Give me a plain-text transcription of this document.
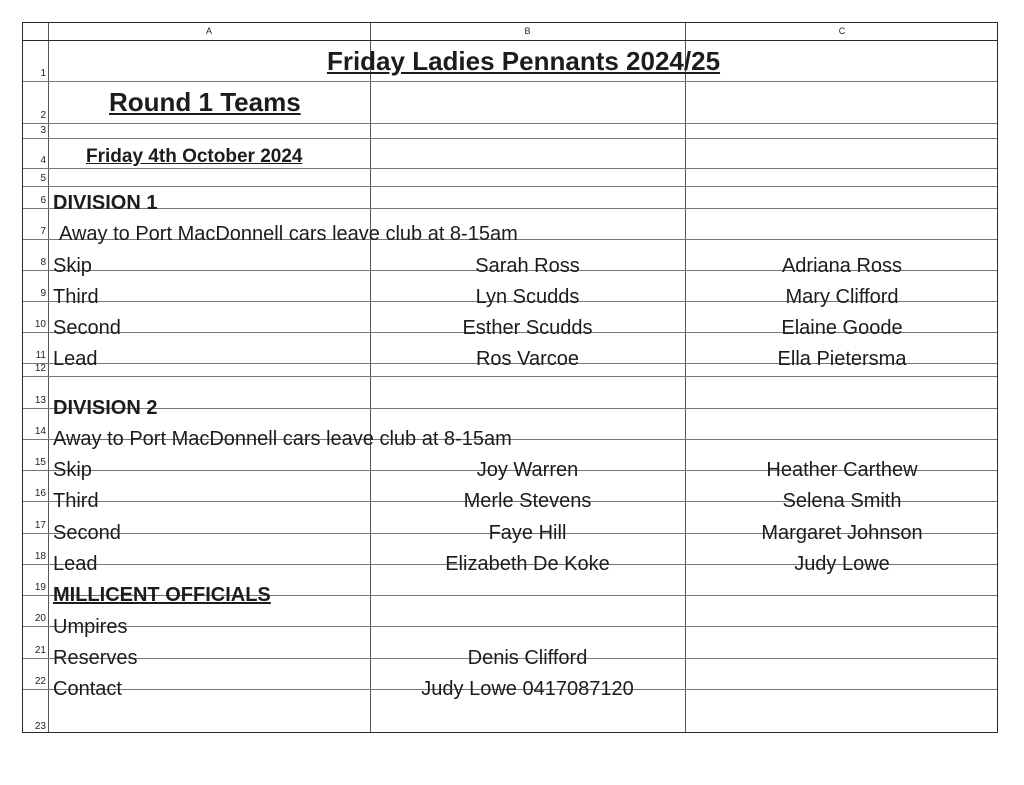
A	B	C
1
2
3
4
5
6
7
8
9
10
11
12
13
14
15
16
17
18
19
20
21
22
23
Friday Ladies Pennants 2024/25
Round 1 Teams
Friday 4th October 2024
DIVISION 1
Away to Port MacDonnell cars leave club at 8-15am
Skip	Sarah Ross	Adriana Ross
Third	Lyn Scudds	Mary Clifford
Second	Esther Scudds	Elaine Goode
Lead	Ros Varcoe	Ella Pietersma
DIVISION 2
Away to Port MacDonnell cars leave club at 8-15am
Skip	Joy Warren	Heather Carthew
Third	Merle Stevens	Selena Smith
Second	Faye Hill	Margaret Johnson
Lead	Elizabeth De Koke	Judy Lowe
MILLICENT OFFICIALS
Umpires
Reserves	Denis Clifford
Contact	Judy Lowe 0417087120
